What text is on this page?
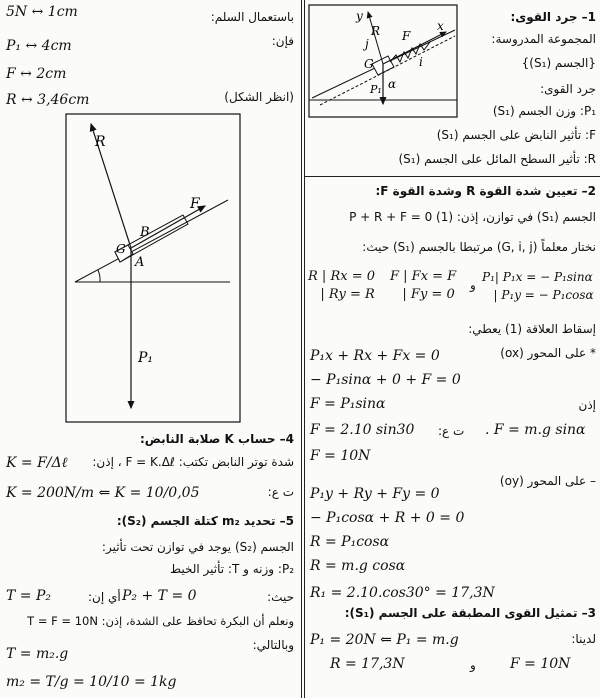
5N ↔ 1cm
P₁ ↔ 4cm
F ↔ 2cm
R ↔ 3,46cm
باستعمال السلم:
فإن:
(انظر الشكل)
R
F
P₁
A
B
G
4– حساب K صلابة النابض:
شدة توتر النابض تكتب: F = K.Δℓ ، إذن:
K = F/Δℓ
ت ع:
K = 200N/m ⇐ K = 10/0,05
5– تحديد m₂ كتلة الجسم (S₂):
الجسم (S₂) يوجد في توازن تحت تأثير:
P₂: وزنه و T: تأثير الخيط
حيث:
P₂ + T = 0
أي إن:
T = P₂
ونعلم أن البكرة تحافظ على الشدة، إذن: T = F = 10N
وبالتالي:
T = m₂.g
m₂ = T/g = 10/10 = 1kg
y
x
R
j
F
i
G
P₁ α
1– جرد القوى:
المجموعة المدروسة:
{الجسم (S₁)}
جرد القوى:
P₁: وزن الجسم (S₁)
F: تأثير النابض على الجسم (S₁)
R: تأثير السطح المائل على الجسم (S₁)
2– تعيين شدة القوة R وشدة القوة F:
الجسم (S₁) في توازن، إذن: P + R + F = 0 (1)
نختار معلماً (G, i, j) مرتبطا بالجسم (S₁) حيث:
R | Rx = 0
| Ry = R
F | Fx = F
| Fy = 0
و
P₁| P₁x = − P₁sinα
| P₁y = − P₁cosα
إسقاط العلاقة (1) يعطي:
* على المحور (ox)
P₁x + Rx + Fx = 0
− P₁sinα + 0 + F = 0
إذن
F = P₁sinα
F = 2.10 sin30 ت ع: . F = m.g sinα
F = 10N
– على المحور (oy)
P₁y + Ry + Fy = 0
− P₁cosα + R + 0 = 0
R = P₁cosα
R = m.g cosα
R₁ = 2.10.cos30° = 17,3N
3– تمثيل القوى المطبقة على الجسم (S₁):
لدينا:
P₁ = 20N ⇐ P₁ = m.g
R = 17,3N	و F = 10N
